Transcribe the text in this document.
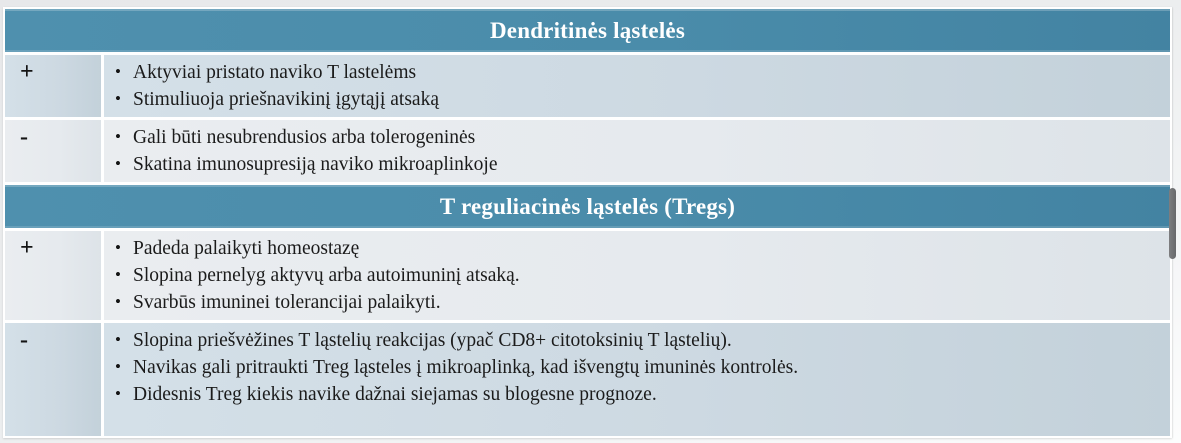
Dendritinės ląstelės
+	• Aktyviai pristato naviko T lastelėms
• Stimuliuoja priešnavikinį įgytąjį atsaką
-	• Gali būti nesubrendusios arba tolerogeninės
• Skatina imunosupresiją naviko mikroaplinkoje
T reguliacinės ląstelės (Tregs)
+	• Padeda palaikyti homeostazę
• Slopina pernelyg aktyvų arba autoimuninį atsaką.
• Svarbūs imuninei tolerancijai palaikyti.
-	• Slopina priešvėžines T ląstelių reakcijas (ypač CD8+ citotoksinių T ląstelių).
• Navikas gali pritraukti Treg ląsteles į mikroaplinką, kad išvengtų imuninės kontrolės.
• Didesnis Treg kiekis navike dažnai siejamas su blogesne prognoze.
